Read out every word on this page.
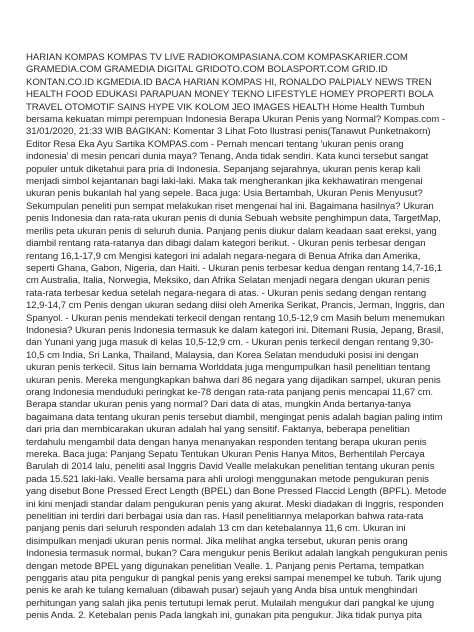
HARIAN KOMPAS KOMPAS TV LIVE RADIOKOMPASIANA.COM KOMPASKARIER.COM GRAMEDIA.COM GRAMEDIA DIGITAL GRIDOTO.COM BOLASPORT.COM GRID.ID KONTAN.CO.ID KGMEDIA.ID BACA HARIAN KOMPAS HI, RONALDO PALPIALY NEWS TREN HEALTH FOOD EDUKASI PARAPUAN MONEY TEKNO LIFESTYLE HOMEY PROPERTI BOLA TRAVEL OTOMOTIF SAINS HYPE VIK KOLOM JEO IMAGES HEALTH Home Health Tumbuh bersama kekuatan mimpi perempuan Indonesia Berapa Ukuran Penis yang Normal? Kompas.com - 31/01/2020, 21:33 WIB BAGIKAN: Komentar 3 Lihat Foto Ilustrasi penis(Tanawut Punketnakorn) Editor Resa Eka Ayu Sartika KOMPAS.com - Pernah mencari tentang 'ukuran penis orang indonesia' di mesin pencari dunia maya? Tenang, Anda tidak sendiri. Kata kunci tersebut sangat populer untuk diketahui para pria di Indonesia. Sepanjang sejarahnya, ukuran penis kerap kali menjadi simbol kejantanan bagi laki-laki. Maka tak mengherankan jika kekhawatiran mengenai ukuran penis bukanlah hal yang sepele. Baca juga: Usia Bertambah, Ukuran Penis Menyusut? Sekumpulan peneliti pun sempat melakukan riset mengenai hal ini. Bagaimana hasilnya? Ukuran penis Indonesia dan rata-rata ukuran penis di dunia Sebuah website penghimpun data, TargetMap, merilis peta ukuran penis di seluruh dunia. Panjang penis diukur dalam keadaan saat ereksi, yang diambil rentang rata-ratanya dan dibagi dalam kategori berikut. - Ukuran penis terbesar dengan rentang 16,1-17,9 cm Mengisi kategori ini adalah negara-negara di Benua Afrika dan Amerika, seperti Ghana, Gabon, Nigeria, dan Haiti. - Ukuran penis terbesar kedua dengan rentang 14,7-16,1 cm Australia, Italia, Norwegia, Meksiko, dan Afrika Selatan menjadi negara dengan ukuran penis rata-rata terbesar kedua setelah negara-negara di atas. - Ukuran penis sedang dengan rentang 12,9-14,7 cm Penis dengan ukuran sedang diisi oleh Amerika Serikat, Prancis, Jerman, Inggris, dan Spanyol. - Ukuran penis mendekati terkecil dengan rentang 10,5-12,9 cm Masih belum menemukan Indonesia? Ukuran penis Indonesia termasuk ke dalam kategori ini. Ditemani Rusia, Jepang, Brasil, dan Yunani yang juga masuk di kelas 10,5-12,9 cm. - Ukuran penis terkecil dengan rentang 9,30-10,5 cm India, Sri Lanka, Thailand, Malaysia, dan Korea Selatan menduduki posisi ini dengan ukuran penis terkecil. Situs lain bernama Worlddata juga mengumpulkan hasil penelitian tentang ukuran penis. Mereka mengungkapkan bahwa dari 86 negara yang dijadikan sampel, ukuran penis orang Indonesia menduduki peringkat ke-78 dengan rata-rata panjang penis mencapai 11,67 cm. Berapa standar ukuran penis yang normal? Dari data di atas, mungkin Anda bertanya-tanya bagaimana data tentang ukuran penis tersebut diambil, mengingat penis adalah bagian paling intim dari pria dan membicarakan ukuran adalah hal yang sensitif. Faktanya, beberapa penelitian terdahulu mengambil data dengan hanya menanyakan responden tentang berapa ukuran penis mereka. Baca juga: Panjang Sepatu Tentukan Ukuran Penis Hanya Mitos, Berhentilah Percaya Barulah di 2014 lalu, peneliti asal Inggris David Vealle melakukan penelitian tentang ukuran penis pada 15.521 laki-laki. Vealle bersama para ahli urologi menggunakan metode pengukuran penis yang disebut Bone Pressed Erect Length (BPEL) dan Bone Pressed Flaccid Length (BPFL). Metode ini kini menjadi standar dalam pengukuran penis yang akurat. Meski diadakan di Inggris, responden penelitian ini terdiri dari berbagai usia dan ras. Hasil penelitiannya melaporkan bahwa rata-rata panjang penis dari seluruh responden adalah 13 cm dan ketebalannya 11,6 cm. Ukuran ini disimpulkan menjadi ukuran penis normal. Jika melihat angka tersebut, ukuran penis orang Indonesia termasuk normal, bukan? Cara mengukur penis Berikut adalah langkah pengukuran penis dengan metode BPEL yang digunakan penelitian Vealle. 1. Panjang penis Pertama, tempatkan penggaris atau pita pengukur di pangkal penis yang ereksi sampai menempel ke tubuh. Tarik ujung penis ke arah ke tulang kemaluan (dibawah pusar) sejauh yang Anda bisa untuk menghindari perhitungan yang salah jika penis tertutupi lemak perut. Mulailah mengukur dari pangkal ke ujung penis Anda. 2. Ketebalan penis Pada langkah ini, gunakan pita pengukur. Jika tidak punya pita
